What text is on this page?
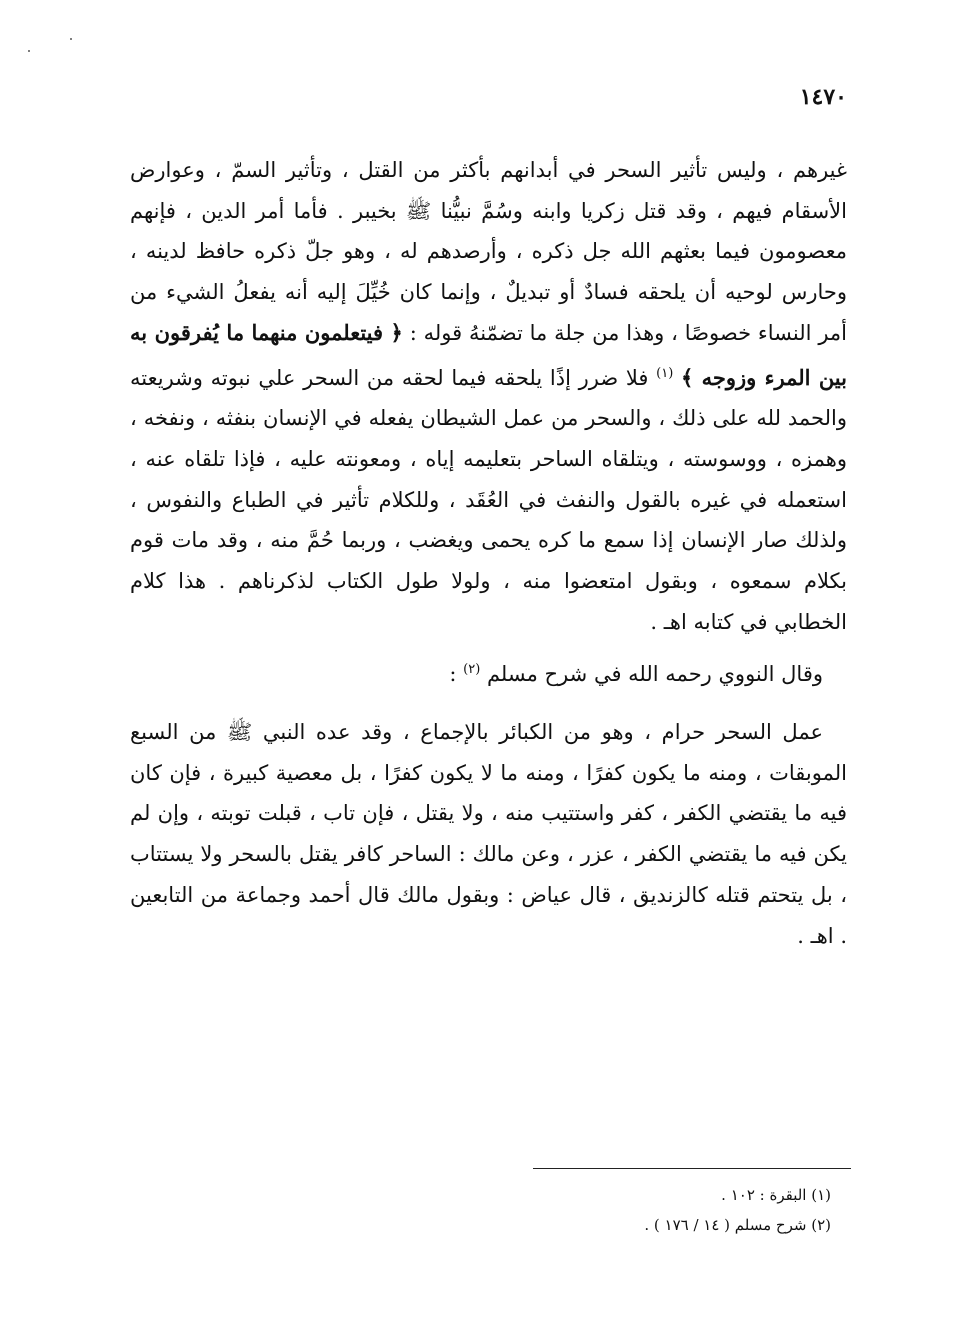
١٤٧٠

غيرهم ، وليس تأثير السحر في أبدانهم بأكثر من القتل ، وتأثير السمّ ، وعوارض الأسقام فيهم ، وقد قتل زكريا وابنه وسُمَّ نبيُّنا ﷺ بخيبر . فأما أمر الدين ، فإنهم معصومون فيما بعثهم الله جل ذكره ، وأرصدهم له ، وهو جلّ ذكره حافظ لدينه ، وحارس لوحيه أن يلحقه فسادٌ أو تبديلٌ ، وإنما كان خُيِّلَ إليه أنه يفعلُ الشيء من أمر النساء خصوصًا ، وهذا من جلة ما تضمّنهُ قوله : ﴿ فيتعلمون منهما ما يُفرقون به بين المرء وزوجه ﴾ $^{(١)}$ فلا ضرر إذًا يلحقه فيما لحقه من السحر علي نبوته وشريعته والحمد لله على ذلك ، والسحر من عمل الشيطان يفعله في الإنسان بنفثه ، ونفخه ، وهمزه ، ووسوسته ، ويتلقاه الساحر بتعليمه إياه ، ومعونته عليه ، فإذا تلقاه عنه ، استعمله في غيره بالقول والنفث في العُقَد ، وللكلام تأثير في الطباع والنفوس ، ولذلك صار الإنسان إذا سمع ما كره يحمى ويغضب ، وربما حُمَّ منه ، وقد مات قوم بكلام سمعوه ، وبقول امتعضوا منه ، ولولا طول الكتاب لذكرناهم . هذا كلام الخطابي في كتابه اهـ .

وقال النووي رحمه الله في شرح مسلم $^{(٢)}$ :

عمل السحر حرام ، وهو من الكبائر بالإجماع ، وقد عده النبي ﷺ من السبع الموبقات ، ومنه ما يكون كفرًا ، ومنه ما لا يكون كفرًا ، بل معصية كبيرة ، فإن كان فيه ما يقتضي الكفر ، كفر واستتيب منه ، ولا يقتل ، فإن تاب ، قبلت توبته ، وإن لم يكن فيه ما يقتضي الكفر ، عزر ، وعن مالك : الساحر كافر يقتل بالسحر ولا يستتاب ، بل يتحتم قتله كالزنديق ، قال عياض : وبقول مالك قال أحمد وجماعة من التابعين . اهـ .

(١) البقرة : ١٠٢ .

(٢) شرح مسلم ( ١٤ / ١٧٦ ) .
